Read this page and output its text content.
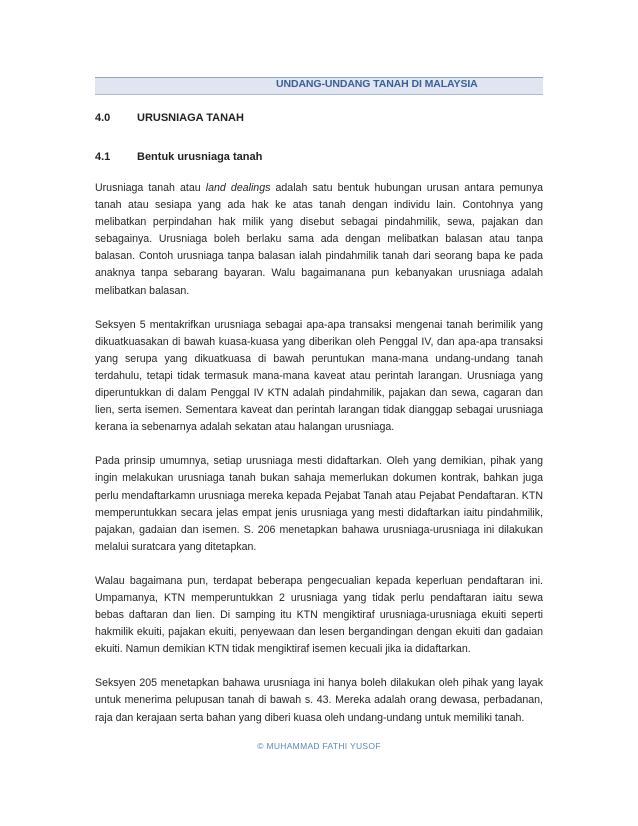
UNDANG-UNDANG TANAH DI MALAYSIA
4.0 URUSNIAGA TANAH
4.1 Bentuk urusniaga tanah

Urusniaga tanah atau land dealings adalah satu bentuk hubungan urusan antara pemunya tanah atau sesiapa yang ada hak ke atas tanah dengan individu lain. Contohnya yang melibatkan perpindahan hak milik yang disebut sebagai pindahmilik, sewa, pajakan dan sebagainya. Urusniaga boleh berlaku sama ada dengan melibatkan balasan atau tanpa balasan. Contoh urusniaga tanpa balasan ialah pindahmilik tanah dari seorang bapa ke pada anaknya tanpa sebarang bayaran. Walu bagaimanana pun kebanyakan urusniaga adalah melibatkan balasan.

Seksyen 5 mentakrifkan urusniaga sebagai apa-apa transaksi mengenai tanah berimilik yang dikuatkuasakan di bawah kuasa-kuasa yang diberikan oleh Penggal IV, dan apa-apa transaksi yang serupa yang dikuatkuasa di bawah peruntukan mana-mana undang-undang tanah terdahulu, tetapi tidak termasuk mana-mana kaveat atau perintah larangan. Urusniaga yang diperuntukkan di dalam Penggal IV KTN adalah pindahmilik, pajakan dan sewa, cagaran dan lien, serta isemen. Sementara kaveat dan perintah larangan tidak dianggap sebagai urusniaga kerana ia sebenarnya adalah sekatan atau halangan urusniaga.

Pada prinsip umumnya, setiap urusniaga mesti didaftarkan. Oleh yang demikian, pihak yang ingin melakukan urusniaga tanah bukan sahaja memerlukan dokumen kontrak, bahkan juga perlu mendaftarkamn urusniaga mereka kepada Pejabat Tanah atau Pejabat Pendaftaran. KTN memperuntukkan secara jelas empat jenis urusniaga yang mesti didaftarkan iaitu pindahmilik, pajakan, gadaian dan isemen. S. 206 menetapkan bahawa urusniaga-urusniaga ini dilakukan melalui suratcara yang ditetapkan.

Walau bagaimana pun, terdapat beberapa pengecualian kepada keperluan pendaftaran ini. Umpamanya, KTN memperuntukkan 2 urusniaga yang tidak perlu pendaftaran iaitu sewa bebas daftaran dan lien. Di samping itu KTN mengiktiraf urusniaga-urusniaga ekuiti seperti hakmilik ekuiti, pajakan ekuiti, penyewaan dan lesen bergandingan dengan ekuiti dan gadaian ekuiti. Namun demikian KTN tidak mengiktiraf isemen kecuali jika ia didaftarkan.

Seksyen 205 menetapkan bahawa urusniaga ini hanya boleh dilakukan oleh pihak yang layak untuk menerima pelupusan tanah di bawah s. 43. Mereka adalah orang dewasa, perbadanan, raja dan kerajaan serta bahan yang diberi kuasa oleh undang-undang untuk memiliki tanah.

© MUHAMMAD FATHI YUSOF
